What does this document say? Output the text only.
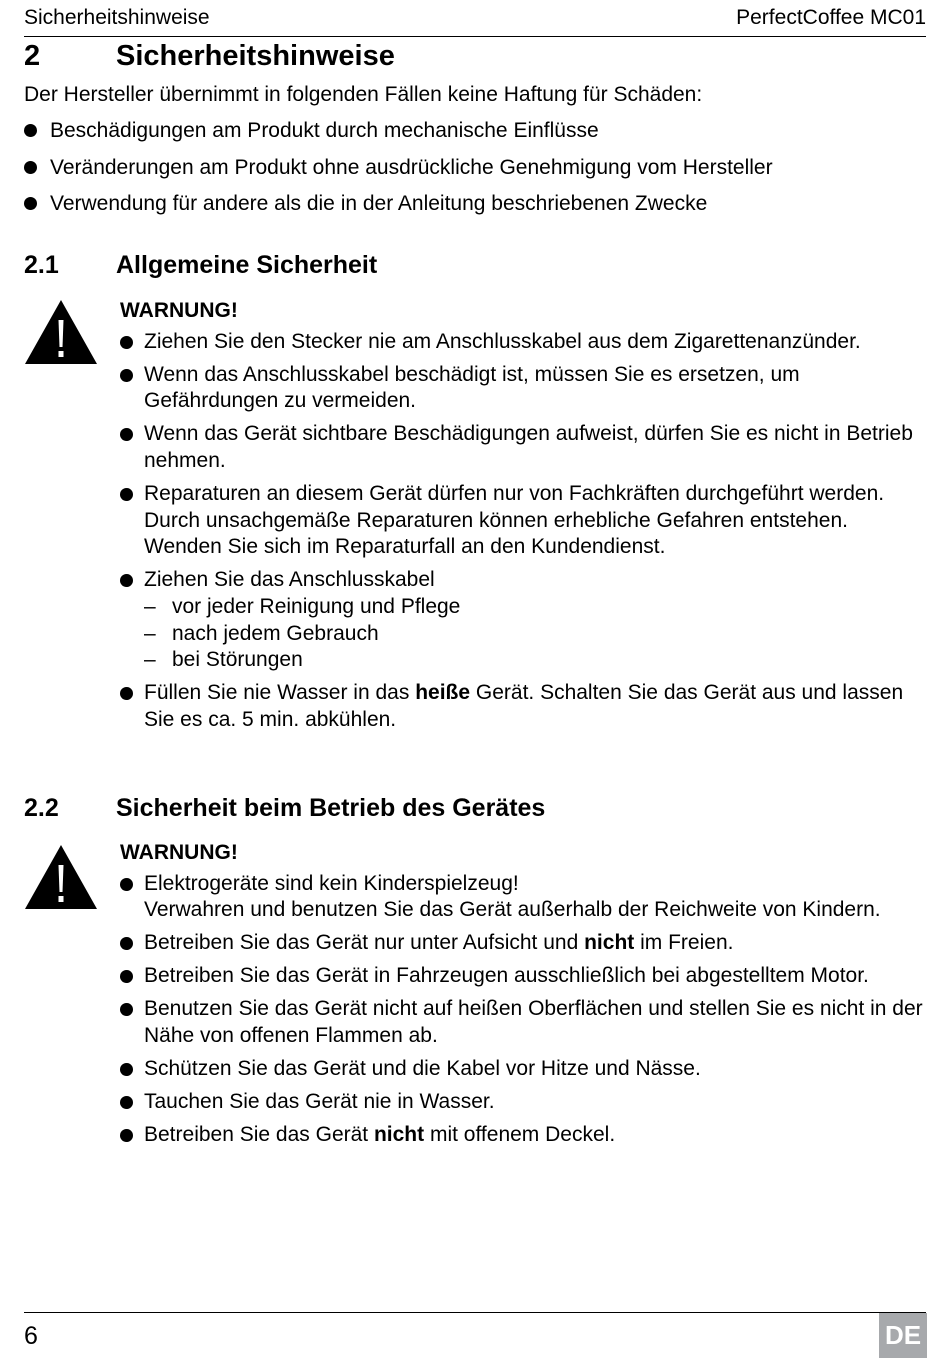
Sicherheitshinweise	PerfectCoffee MC01
2	Sicherheitshinweise
Der Hersteller übernimmt in folgenden Fällen keine Haftung für Schäden:
Beschädigungen am Produkt durch mechanische Einflüsse
Veränderungen am Produkt ohne ausdrückliche Genehmigung vom Hersteller
Verwendung für andere als die in der Anleitung beschriebenen Zwecke
2.1 Allgemeine Sicherheit
WARNUNG!
Ziehen Sie den Stecker nie am Anschlusskabel aus dem Zigarettenanzünder.
Wenn das Anschlusskabel beschädigt ist, müssen Sie es ersetzen, um Gefährdungen zu vermeiden.
Wenn das Gerät sichtbare Beschädigungen aufweist, dürfen Sie es nicht in Betrieb nehmen.
Reparaturen an diesem Gerät dürfen nur von Fachkräften durchgeführt werden. Durch unsachgemäße Reparaturen können erhebliche Gefahren entstehen.
Wenden Sie sich im Reparaturfall an den Kundendienst.
Ziehen Sie das Anschlusskabel
– vor jeder Reinigung und Pflege
– nach jedem Gebrauch
– bei Störungen
Füllen Sie nie Wasser in das heiße Gerät. Schalten Sie das Gerät aus und lassen Sie es ca. 5 min. abkühlen.
2.2 Sicherheit beim Betrieb des Gerätes
WARNUNG!
Elektrogeräte sind kein Kinderspielzeug!
Verwahren und benutzen Sie das Gerät außerhalb der Reichweite von Kindern.
Betreiben Sie das Gerät nur unter Aufsicht und nicht im Freien.
Betreiben Sie das Gerät in Fahrzeugen ausschließlich bei abgestelltem Motor.
Benutzen Sie das Gerät nicht auf heißen Oberflächen und stellen Sie es nicht in der Nähe von offenen Flammen ab.
Schützen Sie das Gerät und die Kabel vor Hitze und Nässe.
Tauchen Sie das Gerät nie in Wasser.
Betreiben Sie das Gerät nicht mit offenem Deckel.
6	DE
